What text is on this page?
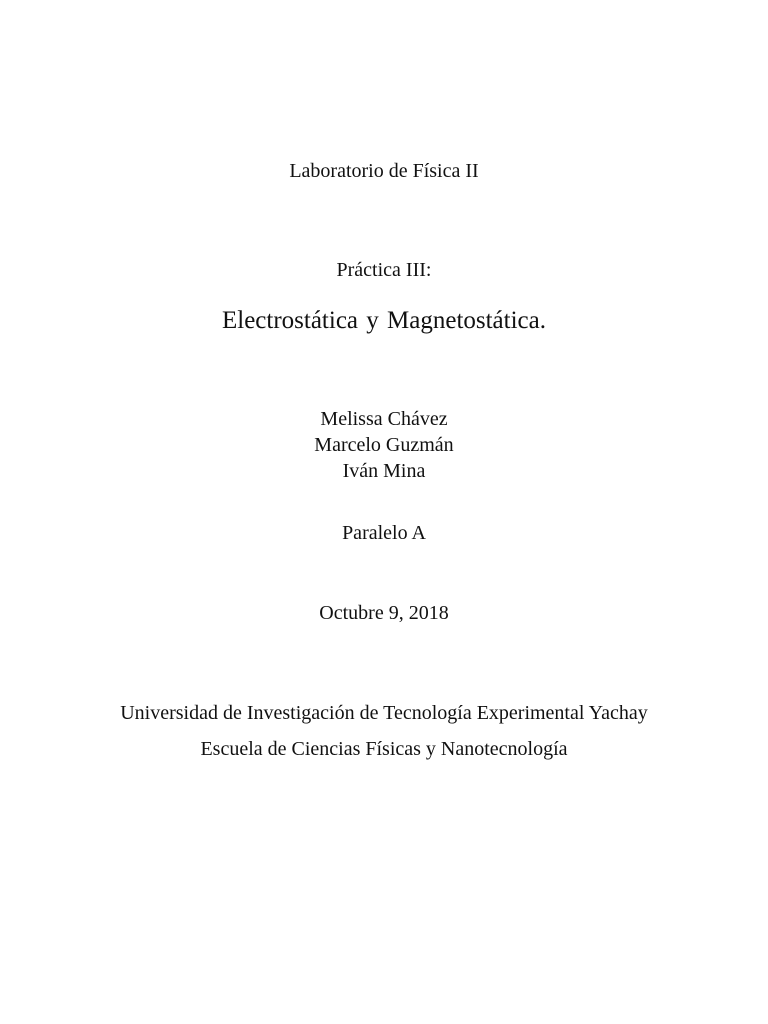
Laboratorio de Física II
Práctica III:
Electrostática y Magnetostática.
Melissa Chávez
Marcelo Guzmán
Iván Mina
Paralelo A
Octubre 9, 2018
Universidad de Investigación de Tecnología Experimental Yachay
Escuela de Ciencias Físicas y Nanotecnología
